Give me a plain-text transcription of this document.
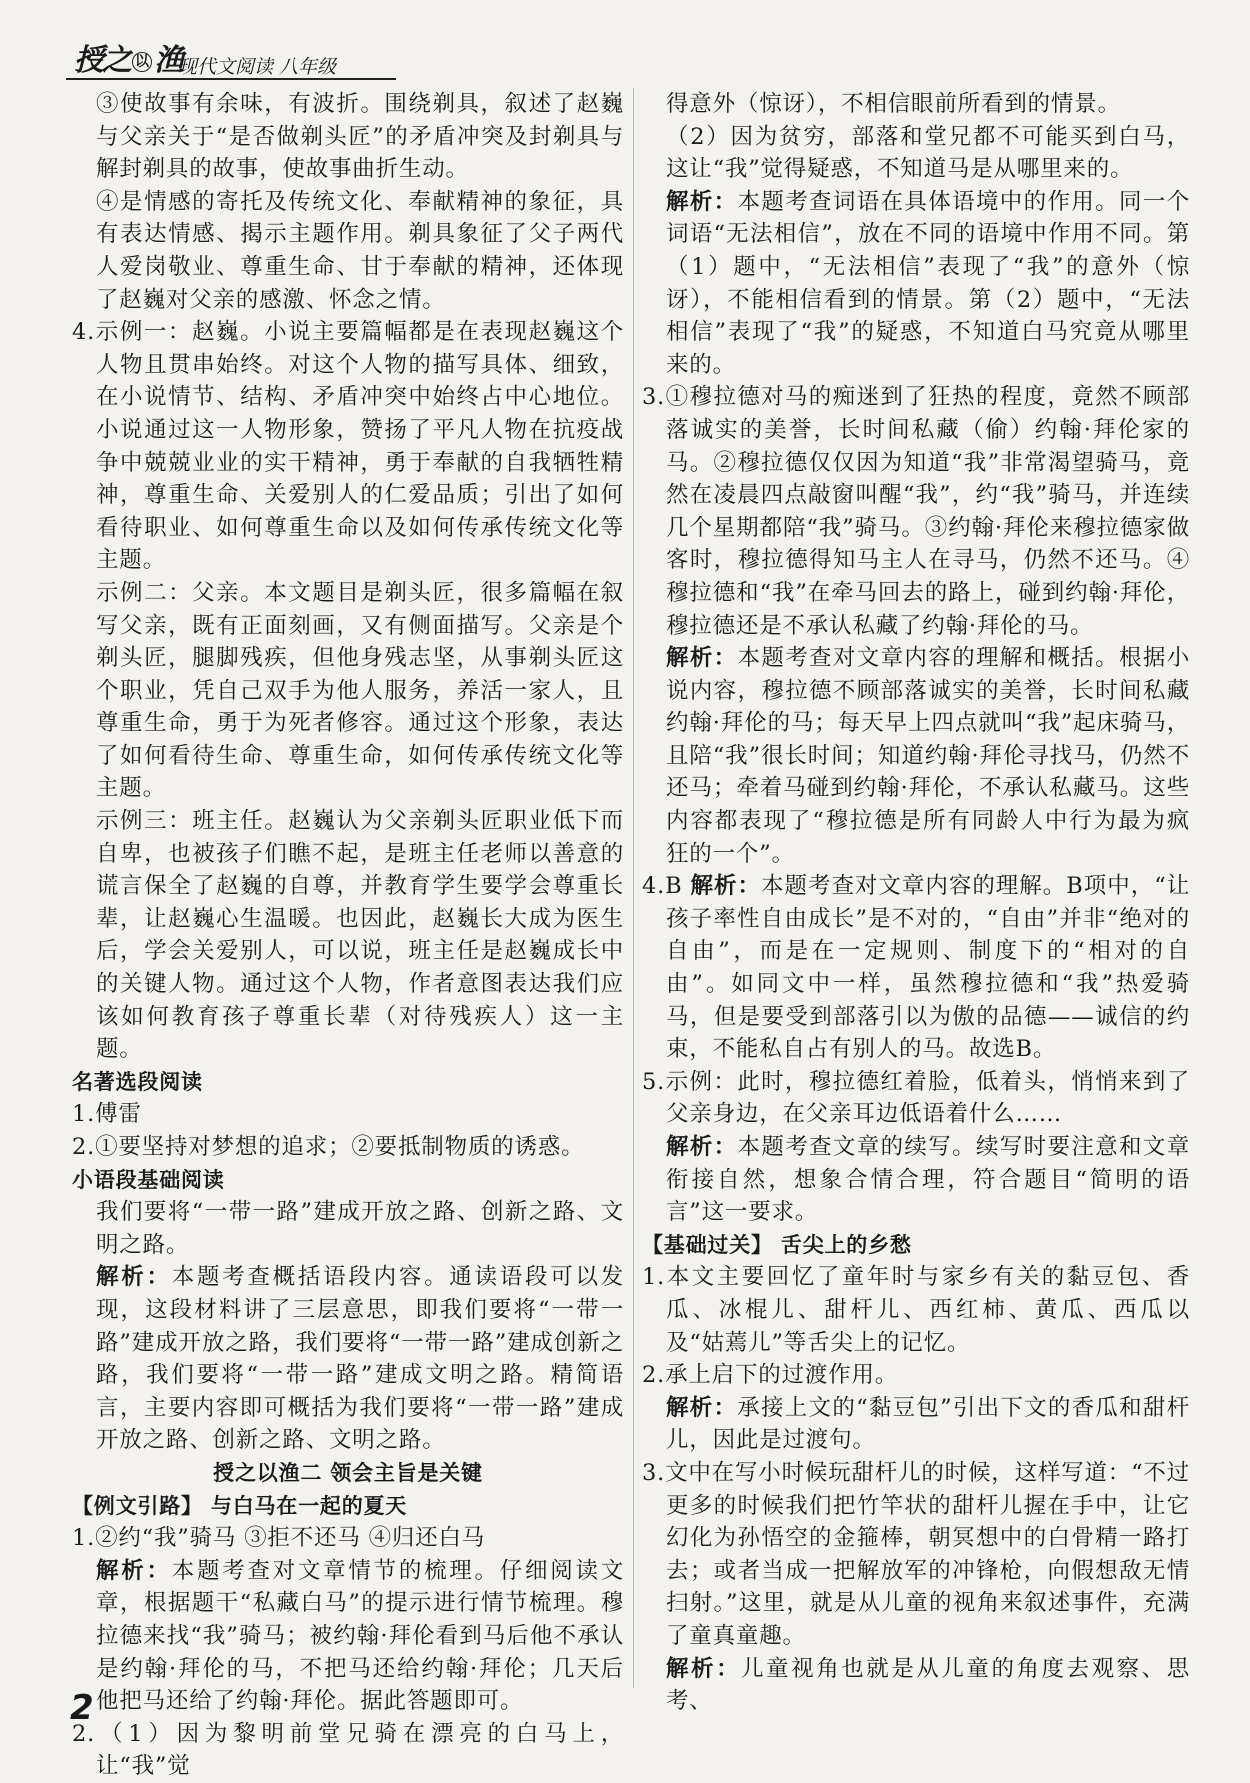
授之 以 渔
现代文阅读 八年级

③使故事有余味，有波折。围绕剃具，叙述了赵巍与父亲关于“是否做剃头匠”的矛盾冲突及封剃具与解封剃具的故事，使故事曲折生动。

④是情感的寄托及传统文化、奉献精神的象征，具有表达情感、揭示主题作用。剃具象征了父子两代人爱岗敬业、尊重生命、甘于奉献的精神，还体现了赵巍对父亲的感激、怀念之情。

4.示例一：赵巍。小说主要篇幅都是在表现赵巍这个人物且贯串始终。对这个人物的描写具体、细致，在小说情节、结构、矛盾冲突中始终占中心地位。小说通过这一人物形象，赞扬了平凡人物在抗疫战争中兢兢业业的实干精神，勇于奉献的自我牺牲精神，尊重生命、关爱别人的仁爱品质；引出了如何看待职业、如何尊重生命以及如何传承传统文化等主题。

示例二：父亲。本文题目是剃头匠，很多篇幅在叙写父亲，既有正面刻画，又有侧面描写。父亲是个剃头匠，腿脚残疾，但他身残志坚，从事剃头匠这个职业，凭自己双手为他人服务，养活一家人，且尊重生命，勇于为死者修容。通过这个形象，表达了如何看待生命、尊重生命，如何传承传统文化等主题。

示例三：班主任。赵巍认为父亲剃头匠职业低下而自卑，也被孩子们瞧不起，是班主任老师以善意的谎言保全了赵巍的自尊，并教育学生要学会尊重长辈，让赵巍心生温暖。也因此，赵巍长大成为医生后，学会关爱别人，可以说，班主任是赵巍成长中的关键人物。通过这个人物，作者意图表达我们应该如何教育孩子尊重长辈（对待残疾人）这一主题。

名著选段阅读

1.傅雷

2.①要坚持对梦想的追求；②要抵制物质的诱惑。

小语段基础阅读

我们要将“一带一路”建成开放之路、创新之路、文明之路。

解析：本题考查概括语段内容。通读语段可以发现，这段材料讲了三层意思，即我们要将“一带一路”建成开放之路，我们要将“一带一路”建成创新之路，我们要将“一带一路”建成文明之路。精简语言，主要内容即可概括为我们要将“一带一路”建成开放之路、创新之路、文明之路。

授之以渔二 领会主旨是关键

【例文引路】 与白马在一起的夏天

1.②约“我”骑马 ③拒不还马 ④归还白马

解析：本题考查对文章情节的梳理。仔细阅读文章，根据题干“私藏白马”的提示进行情节梳理。穆拉德来找“我”骑马；被约翰·拜伦看到马后他不承认是约翰·拜伦的马，不把马还给约翰·拜伦；几天后他把马还给了约翰·拜伦。据此答题即可。

2.（1）因为黎明前堂兄骑在漂亮的白马上，让“我”觉

得意外（惊讶），不相信眼前所看到的情景。

（2）因为贫穷，部落和堂兄都不可能买到白马，这让“我”觉得疑惑，不知道马是从哪里来的。

解析：本题考查词语在具体语境中的作用。同一个词语“无法相信”，放在不同的语境中作用不同。第（1）题中，“无法相信”表现了“我”的意外（惊讶），不能相信看到的情景。第（2）题中，“无法相信”表现了“我”的疑惑，不知道白马究竟从哪里来的。

3.①穆拉德对马的痴迷到了狂热的程度，竟然不顾部落诚实的美誉，长时间私藏（偷）约翰·拜伦家的马。②穆拉德仅仅因为知道“我”非常渴望骑马，竟然在凌晨四点敲窗叫醒“我”，约“我”骑马，并连续几个星期都陪“我”骑马。③约翰·拜伦来穆拉德家做客时，穆拉德得知马主人在寻马，仍然不还马。④穆拉德和“我”在牵马回去的路上，碰到约翰·拜伦，穆拉德还是不承认私藏了约翰·拜伦的马。

解析：本题考查对文章内容的理解和概括。根据小说内容，穆拉德不顾部落诚实的美誉，长时间私藏约翰·拜伦的马；每天早上四点就叫“我”起床骑马，且陪“我”很长时间；知道约翰·拜伦寻找马，仍然不还马；牵着马碰到约翰·拜伦，不承认私藏马。这些内容都表现了“穆拉德是所有同龄人中行为最为疯狂的一个”。

4.B 解析：本题考查对文章内容的理解。B项中，“让孩子率性自由成长”是不对的，“自由”并非“绝对的自由”，而是在一定规则、制度下的“相对的自由”。如同文中一样，虽然穆拉德和“我”热爱骑马，但是要受到部落引以为傲的品德——诚信的约束，不能私自占有别人的马。故选B。

5.示例：此时，穆拉德红着脸，低着头，悄悄来到了父亲身边，在父亲耳边低语着什么……

解析：本题考查文章的续写。续写时要注意和文章衔接自然，想象合情合理，符合题目“简明的语言”这一要求。

【基础过关】 舌尖上的乡愁

1.本文主要回忆了童年时与家乡有关的黏豆包、香瓜、冰棍儿、甜杆儿、西红柿、黄瓜、西瓜以及“姑蔫儿”等舌尖上的记忆。

2.承上启下的过渡作用。

解析：承接上文的“黏豆包”引出下文的香瓜和甜杆儿，因此是过渡句。

3.文中在写小时候玩甜杆儿的时候，这样写道：“不过更多的时候我们把竹竿状的甜杆儿握在手中，让它幻化为孙悟空的金箍棒，朝冥想中的白骨精一路打去；或者当成一把解放军的冲锋枪，向假想敌无情扫射。”这里，就是从儿童的视角来叙述事件，充满了童真童趣。

解析：儿童视角也就是从儿童的角度去观察、思考、

2
